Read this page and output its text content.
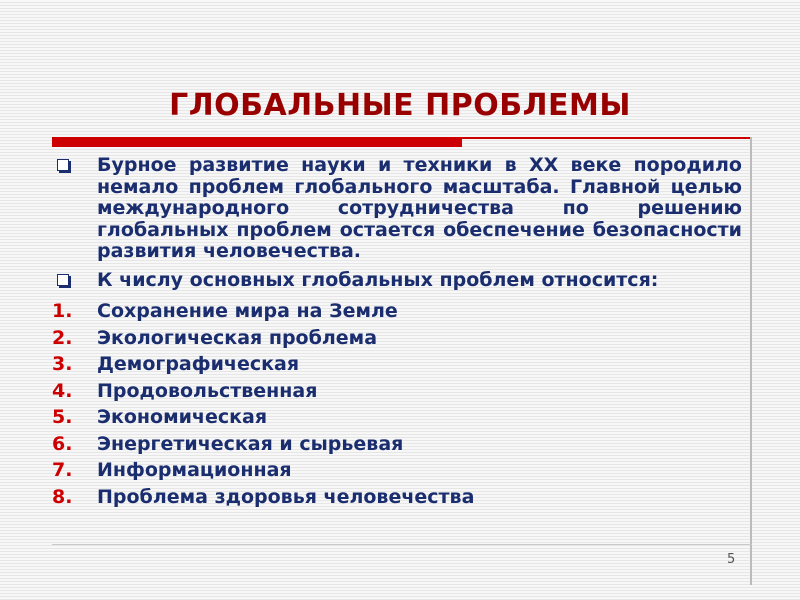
ГЛОБАЛЬНЫЕ ПРОБЛЕМЫ
Бурное развитие науки и техники в XX веке породило немало проблем глобального масштаба. Главной целью международного сотрудничества по решению глобальных проблем остается обеспечение безопасности развития человечества.
К числу основных глобальных проблем относится:
1. Сохранение мира на Земле
2. Экологическая проблема
3. Демографическая
4. Продовольственная
5. Экономическая
6. Энергетическая и сырьевая
7. Информационная
8. Проблема здоровья человечества
5
